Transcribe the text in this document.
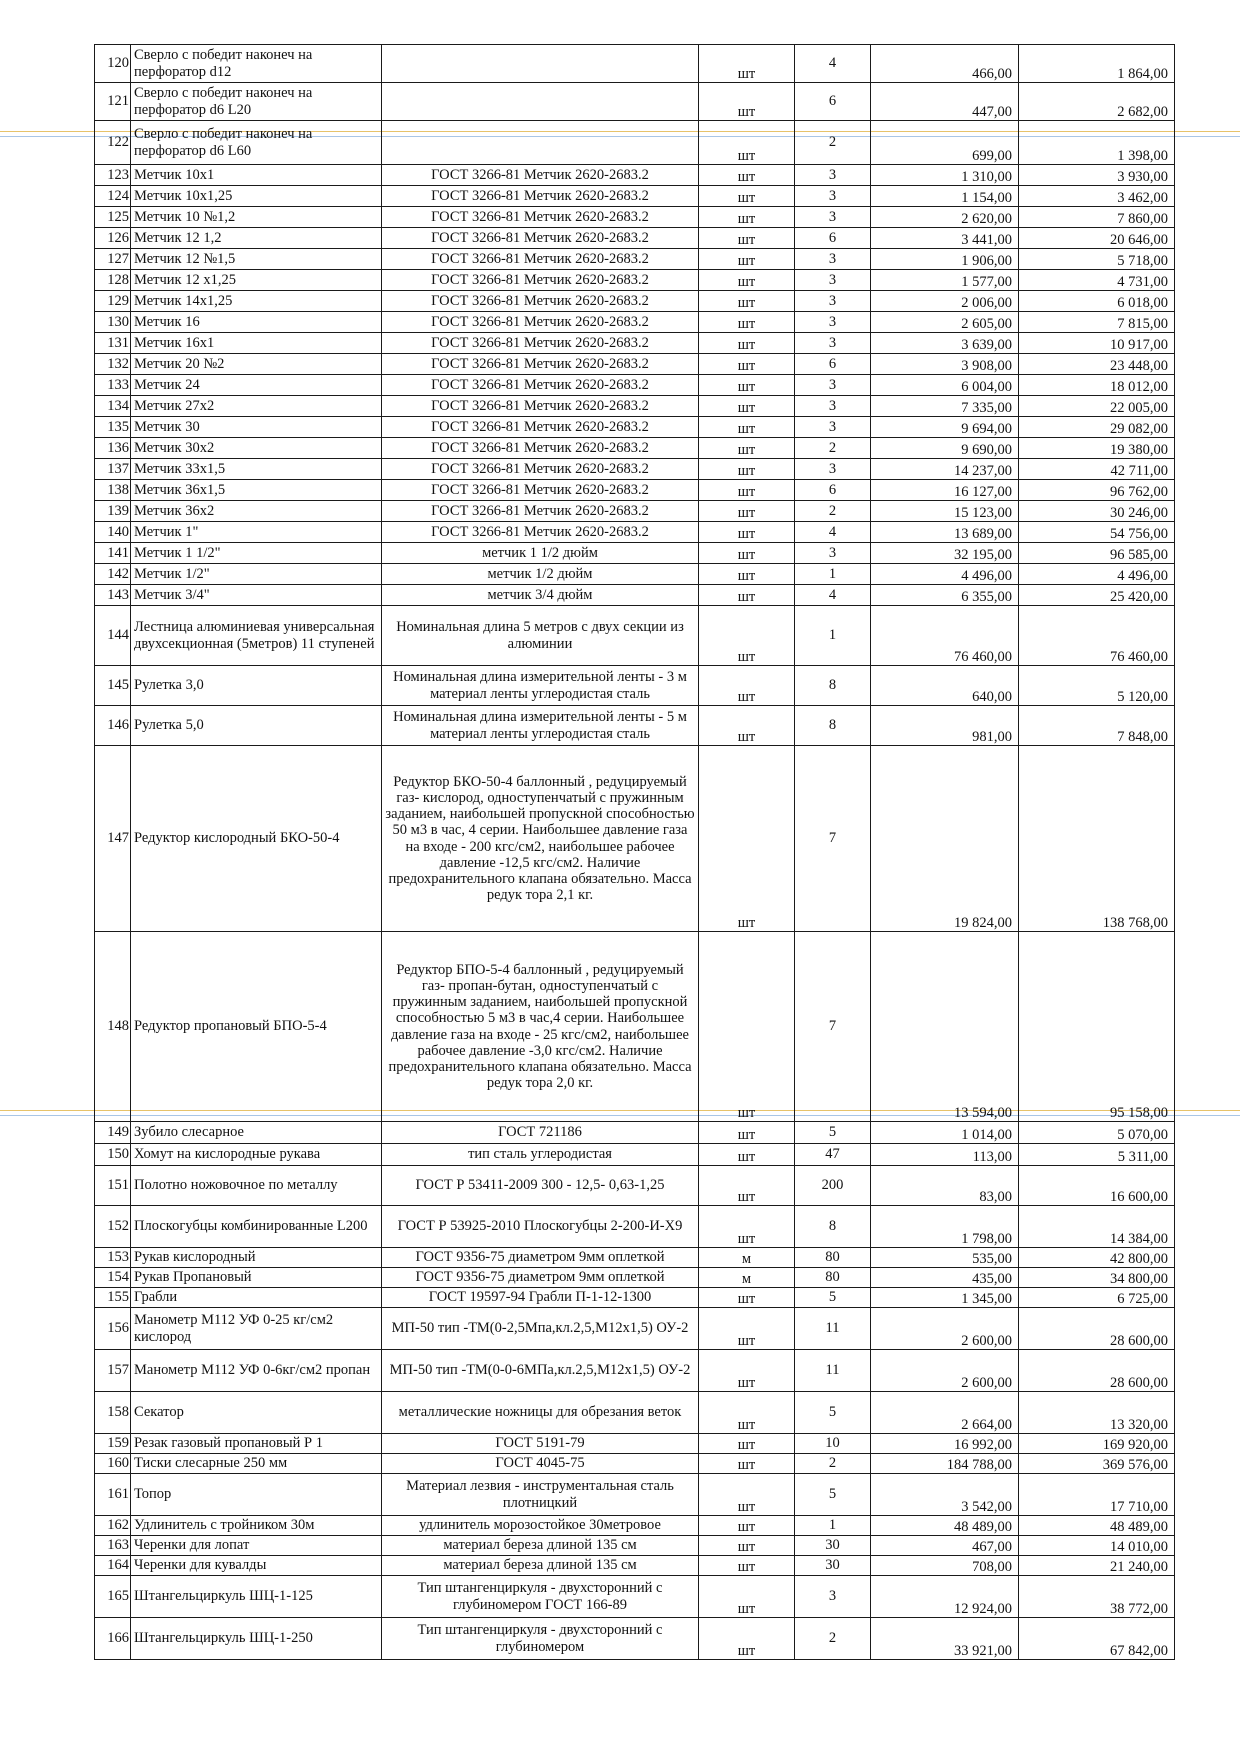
120	Сверло с победит наконеч на перфоратор d12		шт	4	466,00	1 864,00
121	Сверло с победит наконеч на перфоратор d6 L20		шт	6	447,00	2 682,00
122	Сверло с победит наконеч на перфоратор d6 L60		шт	2	699,00	1 398,00
123	Метчик 10x1	ГОСТ 3266-81 Метчик 2620-2683.2	шт	3	1 310,00	3 930,00
124	Метчик 10x1,25	ГОСТ 3266-81 Метчик 2620-2683.2	шт	3	1 154,00	3 462,00
125	Метчик 10 №1,2	ГОСТ 3266-81 Метчик 2620-2683.2	шт	3	2 620,00	7 860,00
126	Метчик 12 1,2	ГОСТ 3266-81 Метчик 2620-2683.2	шт	6	3 441,00	20 646,00
127	Метчик 12 №1,5	ГОСТ 3266-81 Метчик 2620-2683.2	шт	3	1 906,00	5 718,00
128	Метчик 12 x1,25	ГОСТ 3266-81 Метчик 2620-2683.2	шт	3	1 577,00	4 731,00
129	Метчик 14x1,25	ГОСТ 3266-81 Метчик 2620-2683.2	шт	3	2 006,00	6 018,00
130	Метчик 16	ГОСТ 3266-81 Метчик 2620-2683.2	шт	3	2 605,00	7 815,00
131	Метчик 16x1	ГОСТ 3266-81 Метчик 2620-2683.2	шт	3	3 639,00	10 917,00
132	Метчик 20 №2	ГОСТ 3266-81 Метчик 2620-2683.2	шт	6	3 908,00	23 448,00
133	Метчик 24	ГОСТ 3266-81 Метчик 2620-2683.2	шт	3	6 004,00	18 012,00
134	Метчик 27x2	ГОСТ 3266-81 Метчик 2620-2683.2	шт	3	7 335,00	22 005,00
135	Метчик 30	ГОСТ 3266-81 Метчик 2620-2683.2	шт	3	9 694,00	29 082,00
136	Метчик 30x2	ГОСТ 3266-81 Метчик 2620-2683.2	шт	2	9 690,00	19 380,00
137	Метчик 33x1,5	ГОСТ 3266-81 Метчик 2620-2683.2	шт	3	14 237,00	42 711,00
138	Метчик 36x1,5	ГОСТ 3266-81 Метчик 2620-2683.2	шт	6	16 127,00	96 762,00
139	Метчик 36x2	ГОСТ 3266-81 Метчик 2620-2683.2	шт	2	15 123,00	30 246,00
140	Метчик 1"	ГОСТ 3266-81 Метчик 2620-2683.2	шт	4	13 689,00	54 756,00
141	Метчик 1 1/2"	метчик 1 1/2 дюйм	шт	3	32 195,00	96 585,00
142	Метчик 1/2"	метчик 1/2 дюйм	шт	1	4 496,00	4 496,00
143	Метчик 3/4"	метчик 3/4 дюйм	шт	4	6 355,00	25 420,00
144	Лестница алюминиевая универсальная двухсекционная (5метров) 11 ступеней	Номинальная длина 5 метров с двух секции из алюминии	шт	1	76 460,00	76 460,00
145	Рулетка 3,0	Номинальная длина измерительной ленты - 3 м материал ленты углеродистая сталь	шт	8	640,00	5 120,00
146	Рулетка 5,0	Номинальная длина измерительной ленты - 5 м материал ленты углеродистая сталь	шт	8	981,00	7 848,00
147	Редуктор кислородный БКО-50-4	Редуктор БКО-50-4 баллонный , редуцируемый газ- кислород, одноступенчатый с пружинным заданием, наибольшей пропускной способностью 50 м3 в час, 4 серии. Наибольшее давление газа на входе - 200 кгс/см2, наибольшее рабочее давление -12,5 кгс/см2. Наличие предохранительного клапана обязательно. Масса редук тора 2,1 кг.	шт	7	19 824,00	138 768,00
148	Редуктор пропановый БПО-5-4	Редуктор БПО-5-4 баллонный , редуцируемый газ- пропан-бутан, одноступенчатый с пружинным заданием, наибольшей пропускной способностью 5 м3 в час,4 серии. Наибольшее давление газа на входе - 25 кгс/см2, наибольшее рабочее давление -3,0 кгс/см2. Наличие предохранительного клапана обязательно. Масса редук тора 2,0 кг.	шт	7	13 594,00	95 158,00
149	Зубило слесарное	ГОСТ 721186	шт	5	1 014,00	5 070,00
150	Хомут на кислородные рукава	тип сталь углеродистая	шт	47	113,00	5 311,00
151	Полотно ножовочное по металлу	ГОСТ Р 53411-2009 300 - 12,5- 0,63-1,25	шт	200	83,00	16 600,00
152	Плоскогубцы комбинированные L200	ГОСТ Р 53925-2010 Плоскогубцы 2-200-И-Х9	шт	8	1 798,00	14 384,00
153	Рукав кислородный	ГОСТ 9356-75 диаметром 9мм оплеткой	м	80	535,00	42 800,00
154	Рукав Пропановый	ГОСТ 9356-75 диаметром 9мм оплеткой	м	80	435,00	34 800,00
155	Грабли	ГОСТ 19597-94 Грабли П-1-12-1300	шт	5	1 345,00	6 725,00
156	Манометр М112 УФ 0-25 кг/см2 кислород	МП-50 тип -ТМ(0-2,5Мпа,кл.2,5,М12х1,5) ОУ-2	шт	11	2 600,00	28 600,00
157	Манометр М112 УФ 0-6кг/см2 пропан	МП-50 тип -ТМ(0-0-6МПа,кл.2,5,М12х1,5) ОУ-2	шт	11	2 600,00	28 600,00
158	Секатор	металлические ножницы для обрезания веток	шт	5	2 664,00	13 320,00
159	Резак газовый пропановый Р 1	ГОСТ 5191-79	шт	10	16 992,00	169 920,00
160	Тиски слесарные 250 мм	ГОСТ 4045-75	шт	2	184 788,00	369 576,00
161	Топор	Материал лезвия - инструментальная сталь плотницкий	шт	5	3 542,00	17 710,00
162	Удлинитель с тройником 30м	удлинитель морозостойкое 30метровое	шт	1	48 489,00	48 489,00
163	Черенки для лопат	материал береза длиной 135 см	шт	30	467,00	14 010,00
164	Черенки для кувалды	материал береза длиной 135 см	шт	30	708,00	21 240,00
165	Штангельциркуль ШЦ-1-125	Тип штангенциркуля - двухсторонний с глубиномером ГОСТ 166-89	шт	3	12 924,00	38 772,00
166	Штангельциркуль ШЦ-1-250	Тип штангенциркуля - двухсторонний с глубиномером	шт	2	33 921,00	67 842,00
